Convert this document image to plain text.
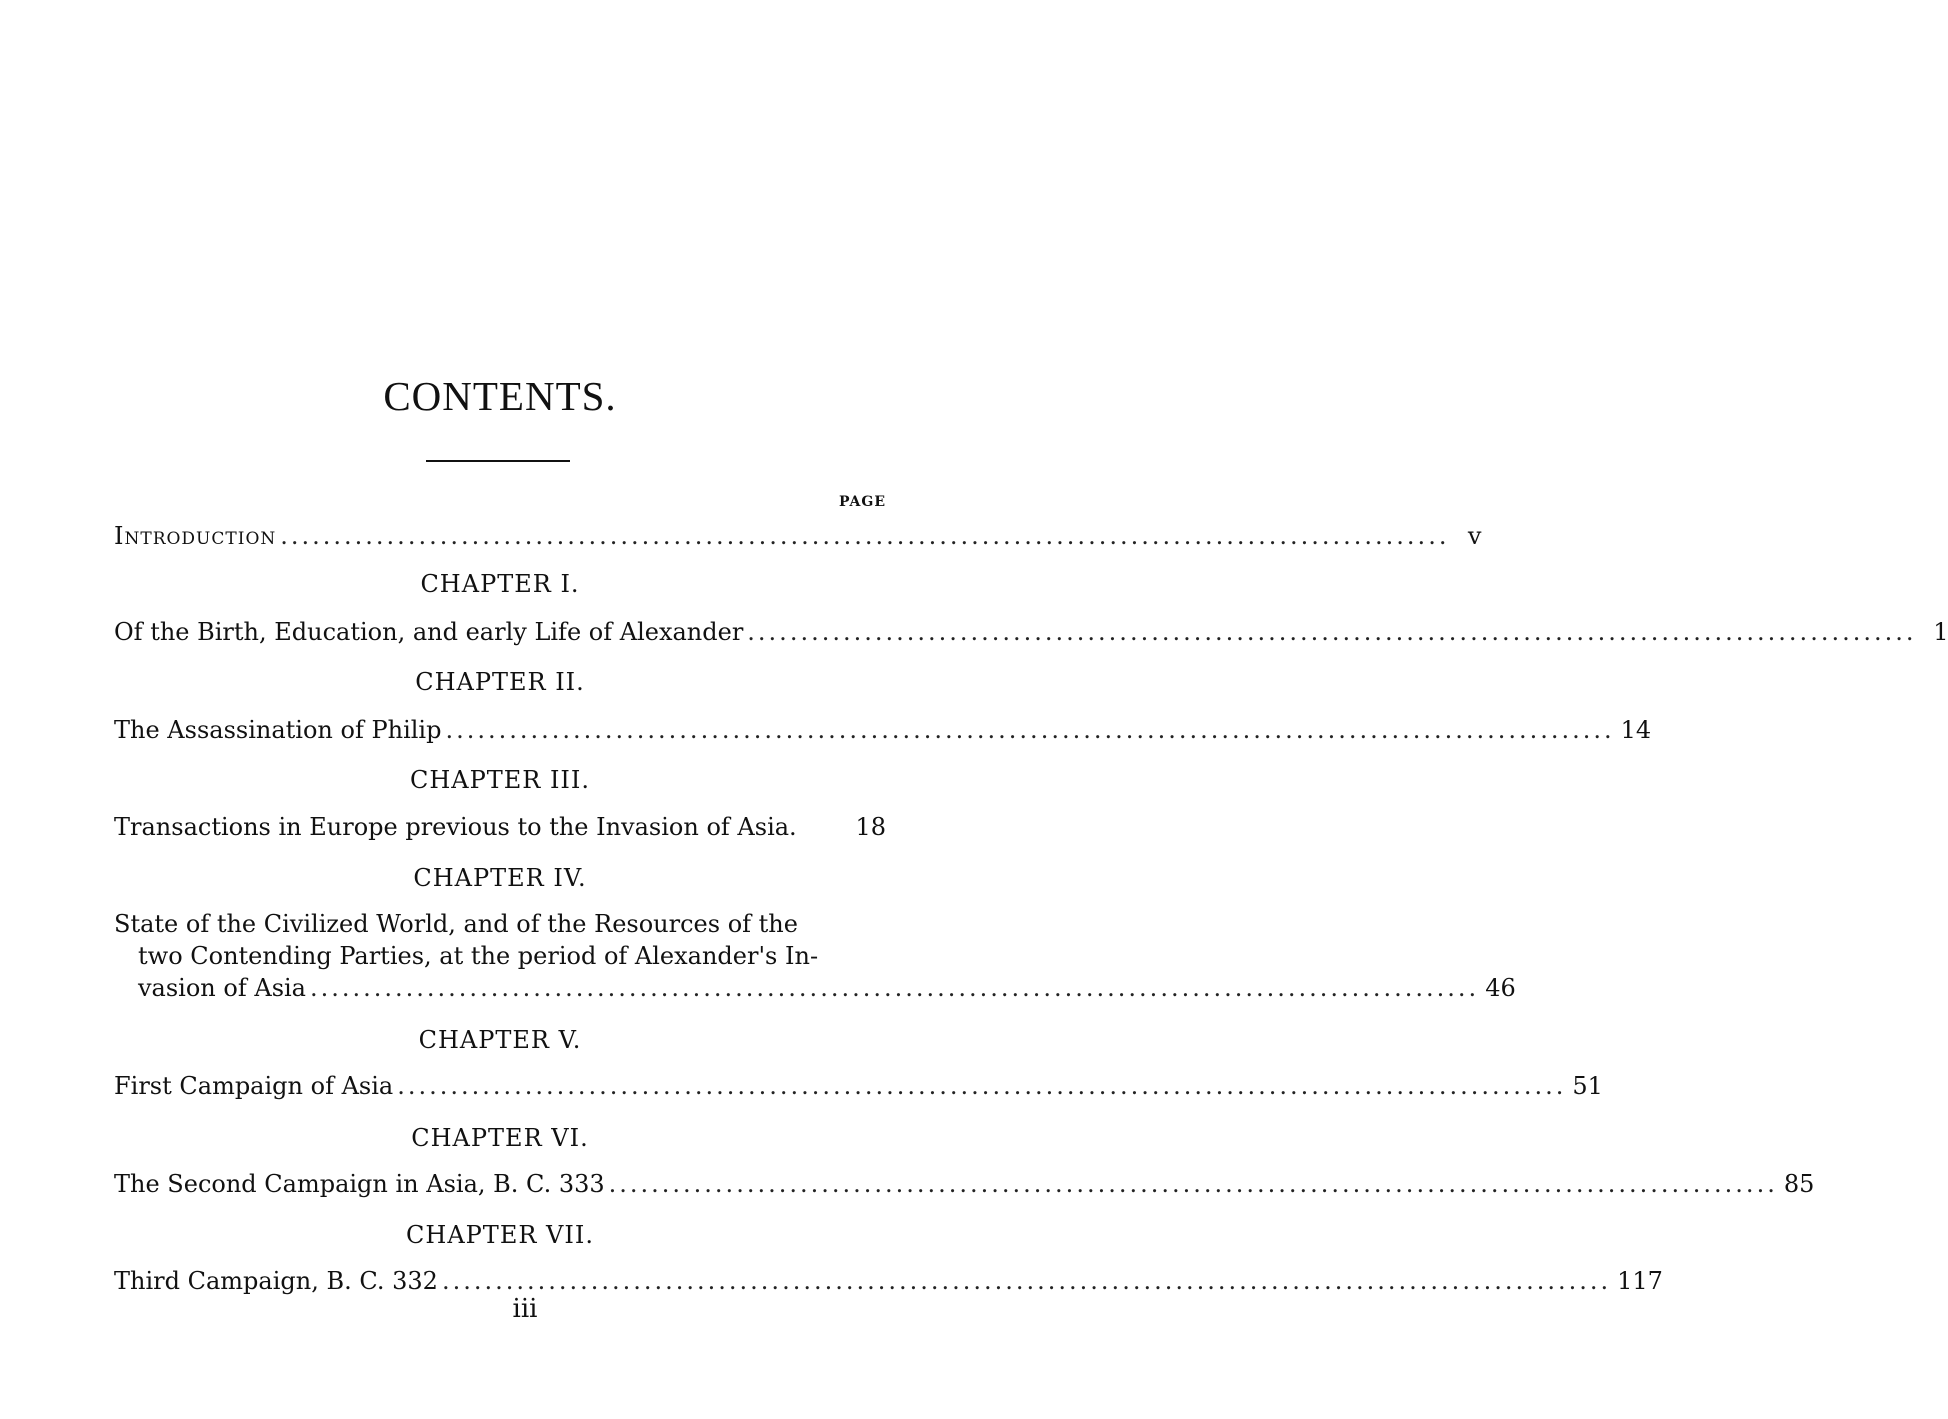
CONTENTS.
PAGE
Introduction .............................................................................................................. v
CHAPTER I.
Of the Birth, Education, and early Life of Alexander .............................................................................................................. 1
CHAPTER II.
The Assassination of Philip .............................................................................................................. 14
CHAPTER III.
Transactions in Europe previous to the Invasion of Asia. 18
CHAPTER IV.
State of the Civilized World, and of the Resources of the
two Contending Parties, at the period of Alexander's In-
vasion of Asia .............................................................................................................. 46
CHAPTER V.
First Campaign of Asia .............................................................................................................. 51
CHAPTER VI.
The Second Campaign in Asia, B. C. 333 .............................................................................................................. 85
CHAPTER VII.
Third Campaign, B. C. 332 .............................................................................................................. 117
iii
